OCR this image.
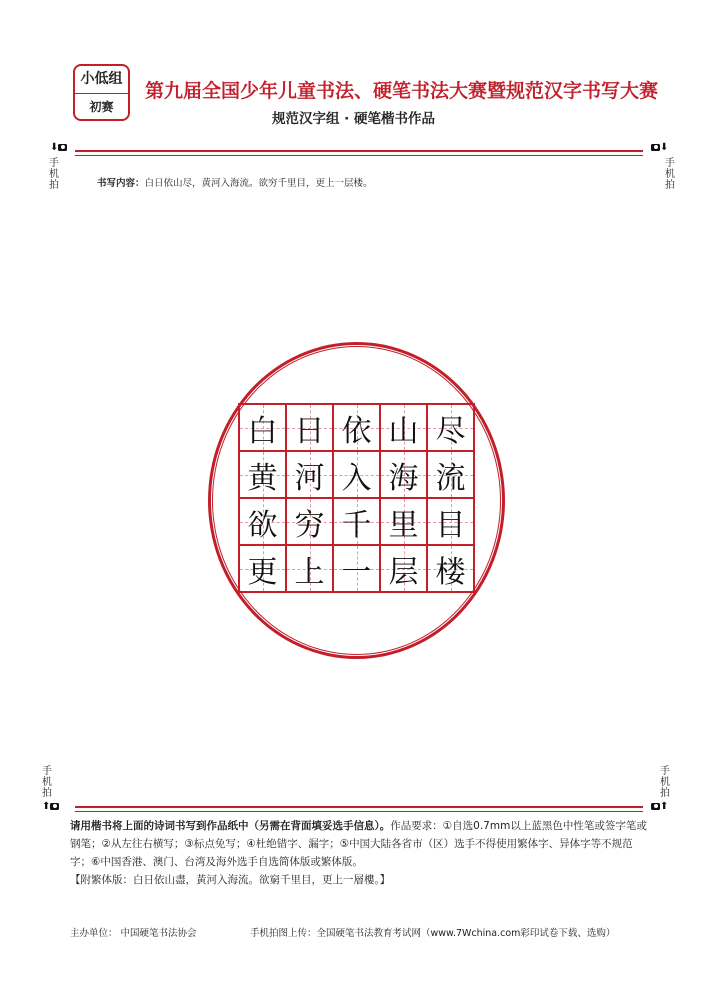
小低组
初赛
第九届全国少年儿童书法、硬笔书法大赛暨规范汉字书写大赛
规范汉字组 · 硬笔楷书作品
⬇
手机拍
⬇
手机拍
书写内容：白日依山尽，黄河入海流。欲穷千里目，更上一层楼。
白 日 依 山 尽
黄 河 入 海 流
欲 穷 千 里 目
更 上 一 层 楼
手机拍
⬆
手机拍
⬆
请用楷书将上面的诗词书写到作品纸中（另需在背面填妥选手信息）。作品要求：①自选0.7mm以上蓝黑色中性笔或签字笔或钢笔；②从左往右横写；③标点免写；④杜绝错字、漏字；⑤中国大陆各省市（区）选手不得使用繁体字、异体字等不规范字；⑥中国香港、澳门、台湾及海外选手自选简体版或繁体版。
【附繁体版：白日依山盡，黃河入海流。欲窮千里目，更上一層樓。】
主办单位： 中国硬笔书法协会	手机拍图上传：全国硬笔书法教育考试网（www.7Wchina.com彩印试卷下载、选购）
